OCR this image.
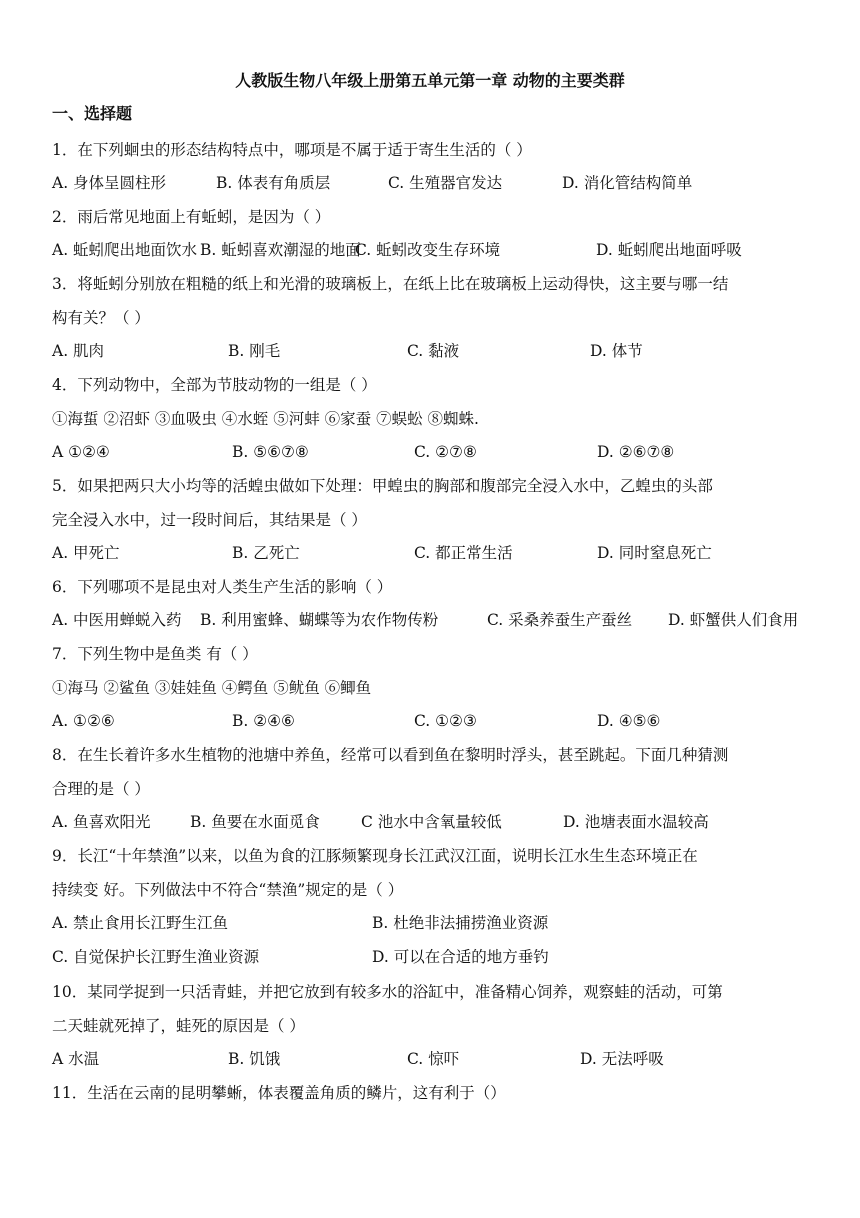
人教版生物八年级上册第五单元第一章 动物的主要类群
一、选择题
1．在下列蛔虫的形态结构特点中，哪项是不属于适于寄生生活的（ ）
A. 身体呈圆柱形	B. 体表有角质层	C. 生殖器官发达	D. 消化管结构简单
2．雨后常见地面上有蚯蚓，是因为（ ）
A. 蚯蚓爬出地面饮水 B. 蚯蚓喜欢潮湿的地面
C. 蚯蚓改变生存环境	D. 蚯蚓爬出地面呼吸
3．将蚯蚓分别放在粗糙的纸上和光滑的玻璃板上，在纸上比在玻璃板上运动得快，这主要与哪一结
构有关？（ ）
A. 肌肉	B. 刚毛	C. 黏液	D. 体节
4．下列动物中，全部为节肢动物的一组是（ ）
①海蜇 ②沼虾 ③血吸虫 ④水蛭 ⑤河蚌 ⑥家蚕 ⑦蜈蚣 ⑧蜘蛛.
A ①②④	B. ⑤⑥⑦⑧	C. ②⑦⑧	D. ②⑥⑦⑧
5．如果把两只大小均等的活蝗虫做如下处理：甲蝗虫的胸部和腹部完全浸入水中，乙蝗虫的头部
完全浸入水中，过一段时间后，其结果是（ ）
A. 甲死亡	B. 乙死亡	C. 都正常生活	D. 同时窒息死亡
6．下列哪项不是昆虫对人类生产生活的影响（ ）
A. 中医用蝉蜕入药 B. 利用蜜蜂、蝴蝶等为农作物传粉	C. 采桑养蚕生产蚕丝 D. 虾蟹供人们食用
7．下列生物中是鱼类 有（ ）
①海马 ②鲨鱼 ③娃娃鱼 ④鳄鱼 ⑤鱿鱼 ⑥鲫鱼
A. ①②⑥	B. ②④⑥	C. ①②③	D. ④⑤⑥
8．在生长着许多水生植物的池塘中养鱼，经常可以看到鱼在黎明时浮头，甚至跳起。下面几种猜测
合理的是（ ）
A. 鱼喜欢阳光	B. 鱼要在水面觅食	C 池水中含氧量较低	D. 池塘表面水温较高
9．长江“十年禁渔”以来，以鱼为食的江豚频繁现身长江武汉江面，说明长江水生生态环境正在
持续变 好。下列做法中不符合“禁渔”规定的是（ ）
A. 禁止食用长江野生江鱼	B. 杜绝非法捕捞渔业资源
C. 自觉保护长江野生渔业资源	D. 可以在合适的地方垂钓
10．某同学捉到一只活青蛙，并把它放到有较多水的浴缸中，准备精心饲养，观察蛙的活动，可第
二天蛙就死掉了，蛙死的原因是（ ）
A 水温	B. 饥饿	C. 惊吓	D. 无法呼吸
11．生活在云南的昆明攀蜥，体表覆盖角质的鳞片，这有利于（）
